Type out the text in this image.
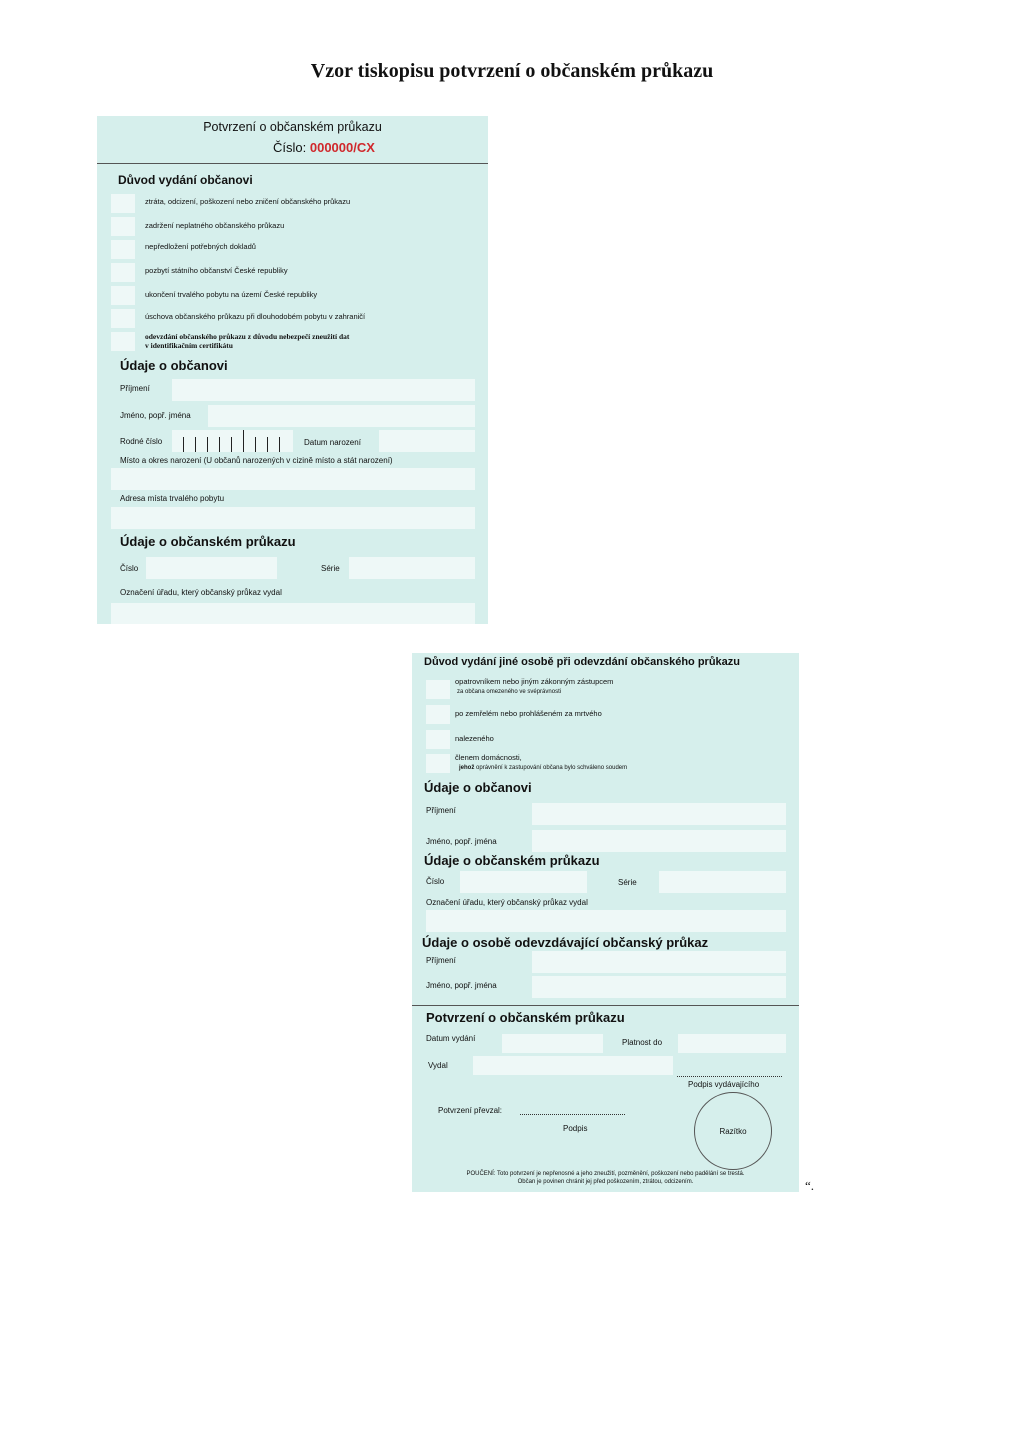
Vzor tiskopisu potvrzení o občanském průkazu
Potvrzení o občanském průkazu
Číslo: 000000/CX
Důvod vydání občanovi
ztráta, odcizení, poškození nebo zničení občanského průkazu
zadržení neplatného občanského průkazu
nepředložení potřebných dokladů
pozbytí státního občanství České republiky
ukončení trvalého pobytu na území České republiky
úschova občanského průkazu při dlouhodobém pobytu v zahraničí
odevzdání občanského průkazu z důvodu nebezpečí zneužití dat
v identifikačním certifikátu
Údaje o občanovi
Příjmení
Jméno, popř. jména
Rodné číslo	Datum narození
Místo a okres narození (U občanů narozených v cizině místo a stát narození)
Adresa místa trvalého pobytu
Údaje o občanském průkazu
Číslo	Série
Označení úřadu, který občanský průkaz vydal
Důvod vydání jiné osobě při odevzdání občanského průkazu
opatrovníkem nebo jiným zákonným zástupcem
za občana omezeného ve svéprávnosti
po zemřelém nebo prohlášeném za mrtvého
nalezeného
členem domácnosti,
jehož oprávnění k zastupování občana bylo schváleno soudem
Údaje o občanovi
Příjmení
Jméno, popř. jména
Údaje o občanském průkazu
Číslo	Série
Označení úřadu, který občanský průkaz vydal
Údaje o osobě odevzdávající občanský průkaz
Příjmení
Jméno, popř. jména
Potvrzení o občanském průkazu
Datum vydání	Platnost do
Vydal
Podpis vydávajícího
Potvrzení převzal:
Podpis	Razítko
POUČENÍ: Toto potvrzení je nepřenosné a jeho zneužití, pozměnění, poškození nebo padělání se trestá.
Občan je povinen chránit jej před poškozením, ztrátou, odcizením.	“.
